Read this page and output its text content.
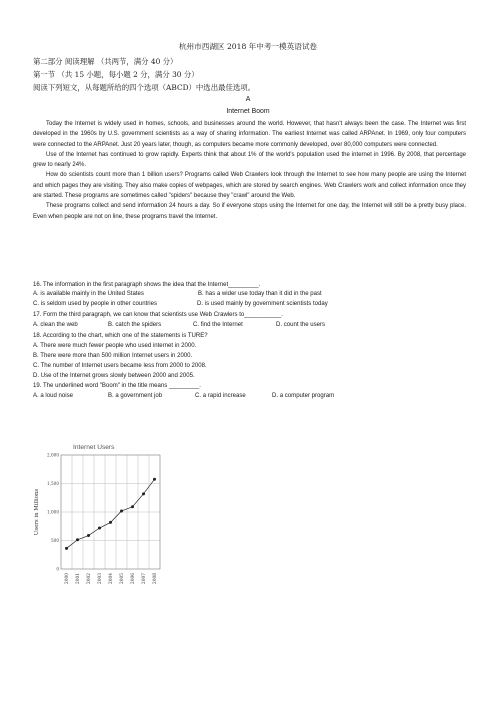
杭州市西湖区 2018 年中考一模英语试卷
第二部分 阅读理解 （共两节，满分 40 分）
第一节 （共 15 小题，每小题 2 分，满分 30 分）
阅读下列短文，从每题所给的四个选项（ABCD）中选出最佳选项。
A
Internet Boom

Today the Internet is widely used in homes, schools, and businesses around the world. However, that hasn't always been the case. The Internet was first developed in the 1960s by U.S. government scientists as a way of sharing information. The earliest Internet was called ARPAnet. In 1969, only four computers were connected to the ARPAnet. Just 20 years later, though, as computers became more commonly developed, over 80,000 computers were connected.

Use of the Internet has continued to grow rapidly. Experts think that about 1% of the world's population used the internet in 1996. By 2008, that percentage grew to nearly 24%.

How do scientists count more than 1 billion users? Programs called Web Crawlers look through the Internet to see how many people are using the Internet and which pages they are visiting. They also make copies of webpages, which are stored by search engines. Web Crawlers work and collect information once they are started. These programs are sometimes called "spiders" because they "crawl" around the Web.

These programs collect and send information 24 hours a day. So if everyone stops using the Internet for one day, the Internet will still be a pretty busy place. Even when people are not on line, these programs travel the Internet.

16. The information in the first paragraph shows the idea that the Internet_________.
A. is available mainly in the United States	B. has a wider use today than it did in the past
C. is seldom used by people in other countries	D. is used mainly by government scientists today
17. Form the third paragraph, we can know that scientists use Web Crawlers to___________.
A. clean the web	B. catch the spiders	C. find the Internet	D. count the users
18. According to the chart, which one of the statements is TURE?
A. There were much fewer people who used internet in 2000.
B. There were more than 500 million Internet users in 2000.
C. The number of Internet users became less from 2000 to 2008.
D. Use of the Internet grows slowly between 2000 and 2005.
19. The underlined word "Boom" in the title means _________.
A. a loud noise	B. a government job	C. a rapid increase	D. a computer program
Internet Users
0
500
1,000
1,500
2,000
2000 2001 2002 2003 2004 2005 2006 2007 2008
Users in Millions
